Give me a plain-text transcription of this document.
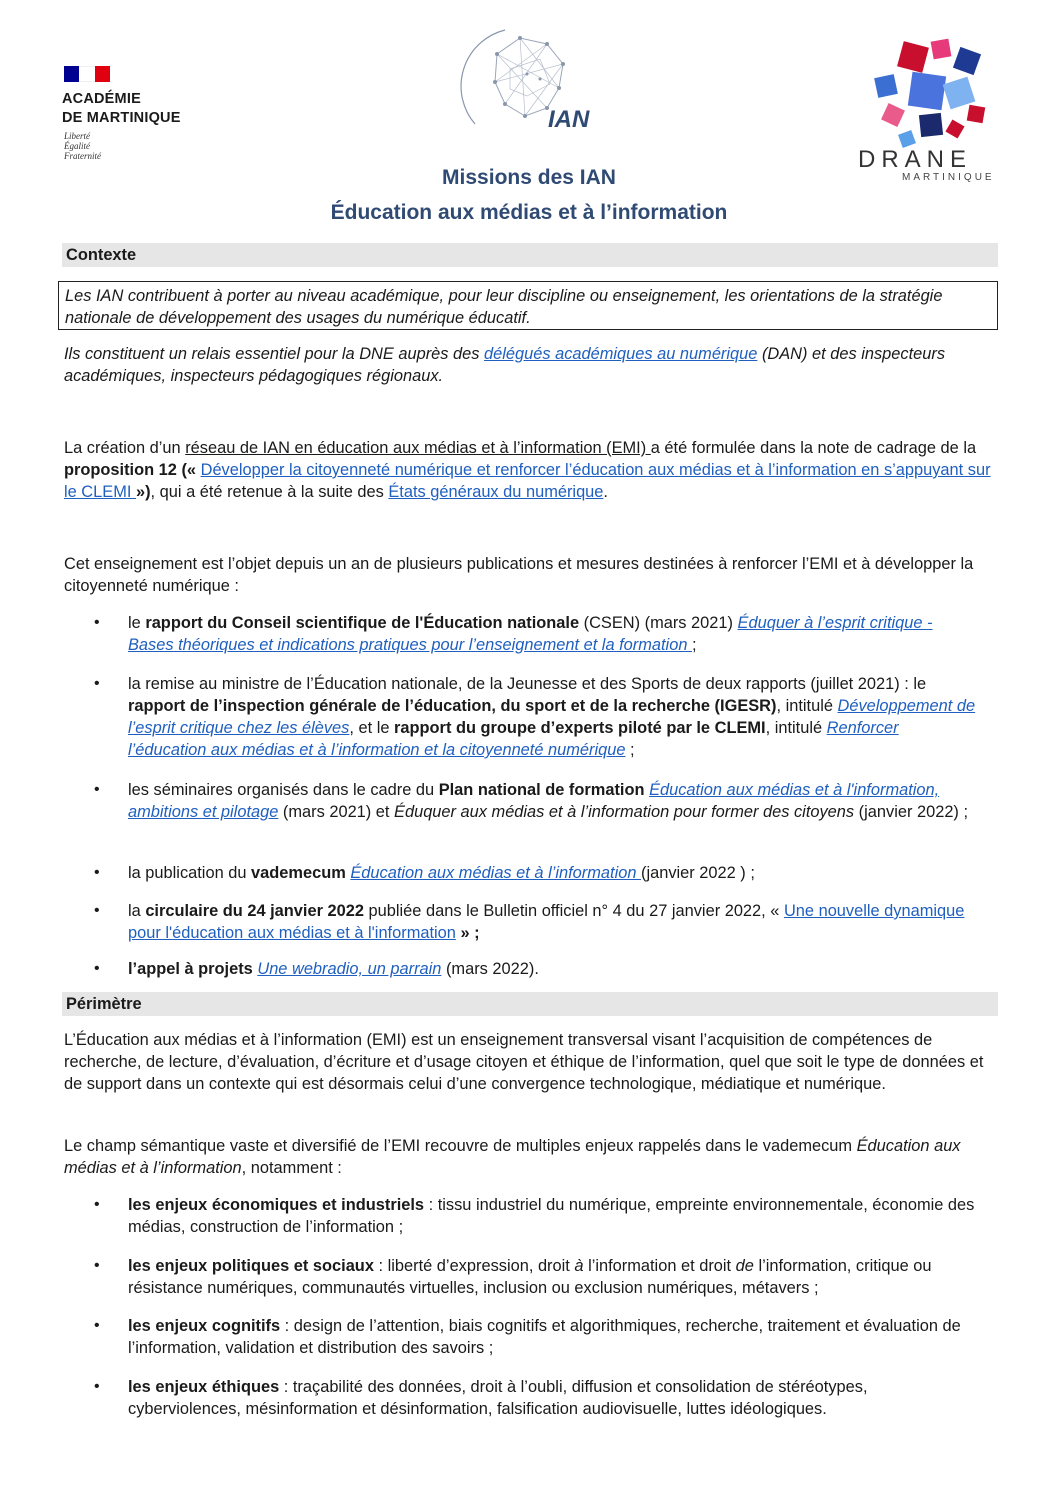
ACADÉMIE
DE MARTINIQUE
Liberté
Égalité
Fraternité
IAN
DRANE
MARTINIQUE
Missions des IAN
Éducation aux médias et à l’information
Contexte
Les IAN contribuent à porter au niveau académique, pour leur discipline ou enseignement, les orientations de la stratégie nationale de développement des usages du numérique éducatif.
Ils constituent un relais essentiel pour la DNE auprès des délégués académiques au numérique (DAN) et des inspecteurs académiques, inspecteurs pédagogiques régionaux.
La création d’un réseau de IAN en éducation aux médias et à l’information (EMI) a été formulée dans la note de cadrage de la proposition 12 (« Développer la citoyenneté numérique et renforcer l’éducation aux médias et à l’information en s’appuyant sur le CLEMI »), qui a été retenue à la suite des États généraux du numérique.
Cet enseignement est l’objet depuis un an de plusieurs publications et mesures destinées à renforcer l’EMI et à développer la citoyenneté numérique :
•	le rapport du Conseil scientifique de l'Éducation nationale (CSEN) (mars 2021) Éduquer à l’esprit critique - Bases théoriques et indications pratiques pour l’enseignement et la formation ;
•	la remise au ministre de l’Éducation nationale, de la Jeunesse et des Sports de deux rapports (juillet 2021) : le rapport de l’inspection générale de l’éducation, du sport et de la recherche (IGESR), intitulé Développement de l’esprit critique chez les élèves, et le rapport du groupe d’experts piloté par le CLEMI, intitulé Renforcer l’éducation aux médias et à l’information et la citoyenneté numérique ;
•	les séminaires organisés dans le cadre du Plan national de formation Éducation aux médias et à l'information, ambitions et pilotage (mars 2021) et Éduquer aux médias et à l’information pour former des citoyens (janvier 2022) ;
•	la publication du vademecum Éducation aux médias et à l’information (janvier 2022 ) ;
•	la circulaire du 24 janvier 2022 publiée dans le Bulletin officiel n° 4 du 27 janvier 2022, « Une nouvelle dynamique pour l'éducation aux médias et à l'information » ;
•	l’appel à projets Une webradio, un parrain (mars 2022).
Périmètre
L’Éducation aux médias et à l’information (EMI) est un enseignement transversal visant l’acquisition de compétences de recherche, de lecture, d’évaluation, d’écriture et d’usage citoyen et éthique de l’information, quel que soit le type de données et de support dans un contexte qui est désormais celui d’une convergence technologique, médiatique et numérique.
Le champ sémantique vaste et diversifié de l’EMI recouvre de multiples enjeux rappelés dans le vademecum Éducation aux médias et à l’information, notamment :
•	les enjeux économiques et industriels : tissu industriel du numérique, empreinte environnementale, économie des médias, construction de l’information ;
•	les enjeux politiques et sociaux : liberté d’expression, droit à l’information et droit de l’information, critique ou résistance numériques, communautés virtuelles, inclusion ou exclusion numériques, métavers ;
•	les enjeux cognitifs : design de l’attention, biais cognitifs et algorithmiques, recherche, traitement et évaluation de l’information, validation et distribution des savoirs ;
•	les enjeux éthiques : traçabilité des données, droit à l’oubli, diffusion et consolidation de stéréotypes, cyberviolences, mésinformation et désinformation, falsification audiovisuelle, luttes idéologiques.
